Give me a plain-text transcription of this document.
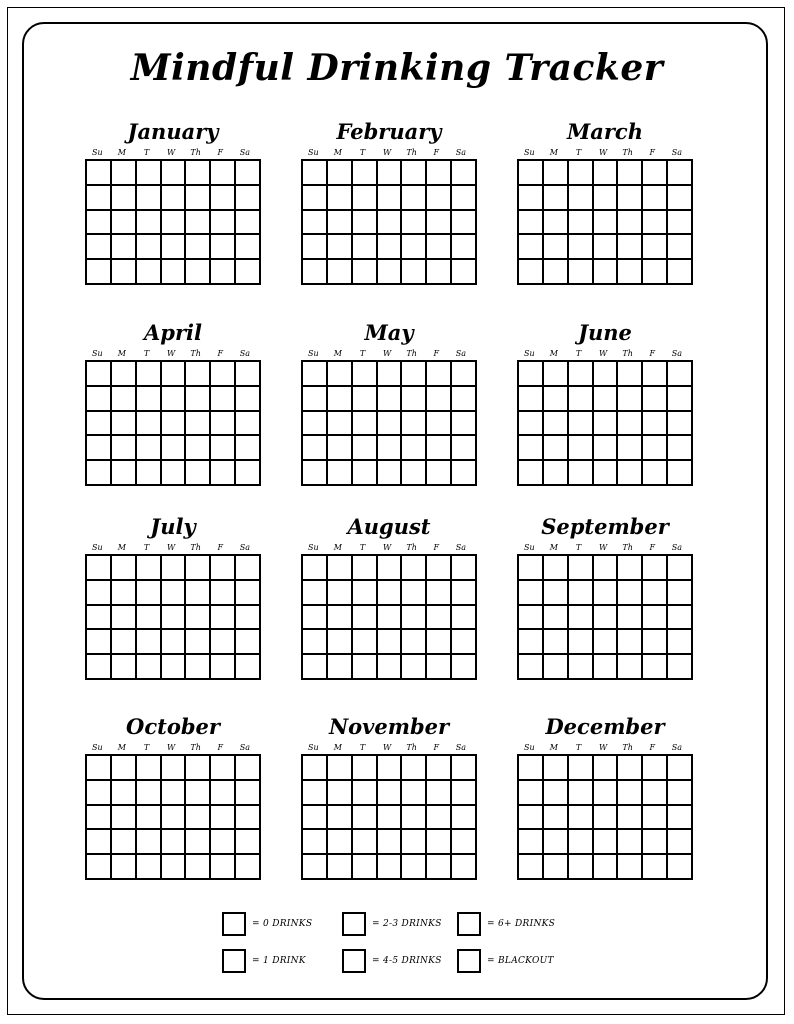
Mindful Drinking Tracker
January
Su	M	T	W	Th	F	Sa
February
Su	M	T	W	Th	F	Sa
March
Su	M	T	W	Th	F	Sa
April
Su	M	T	W	Th	F	Sa
May
Su	M	T	W	Th	F	Sa
June
Su	M	T	W	Th	F	Sa
July
Su	M	T	W	Th	F	Sa
August
Su	M	T	W	Th	F	Sa
September
Su	M	T	W	Th	F	Sa
October
Su	M	T	W	Th	F	Sa
November
Su	M	T	W	Th	F	Sa
December
Su	M	T	W	Th	F	Sa
= 0 DRINKS	= 2-3 DRINKS	= 6+ DRINKS
= 1 DRINK	= 4-5 DRINKS	= BLACKOUT
